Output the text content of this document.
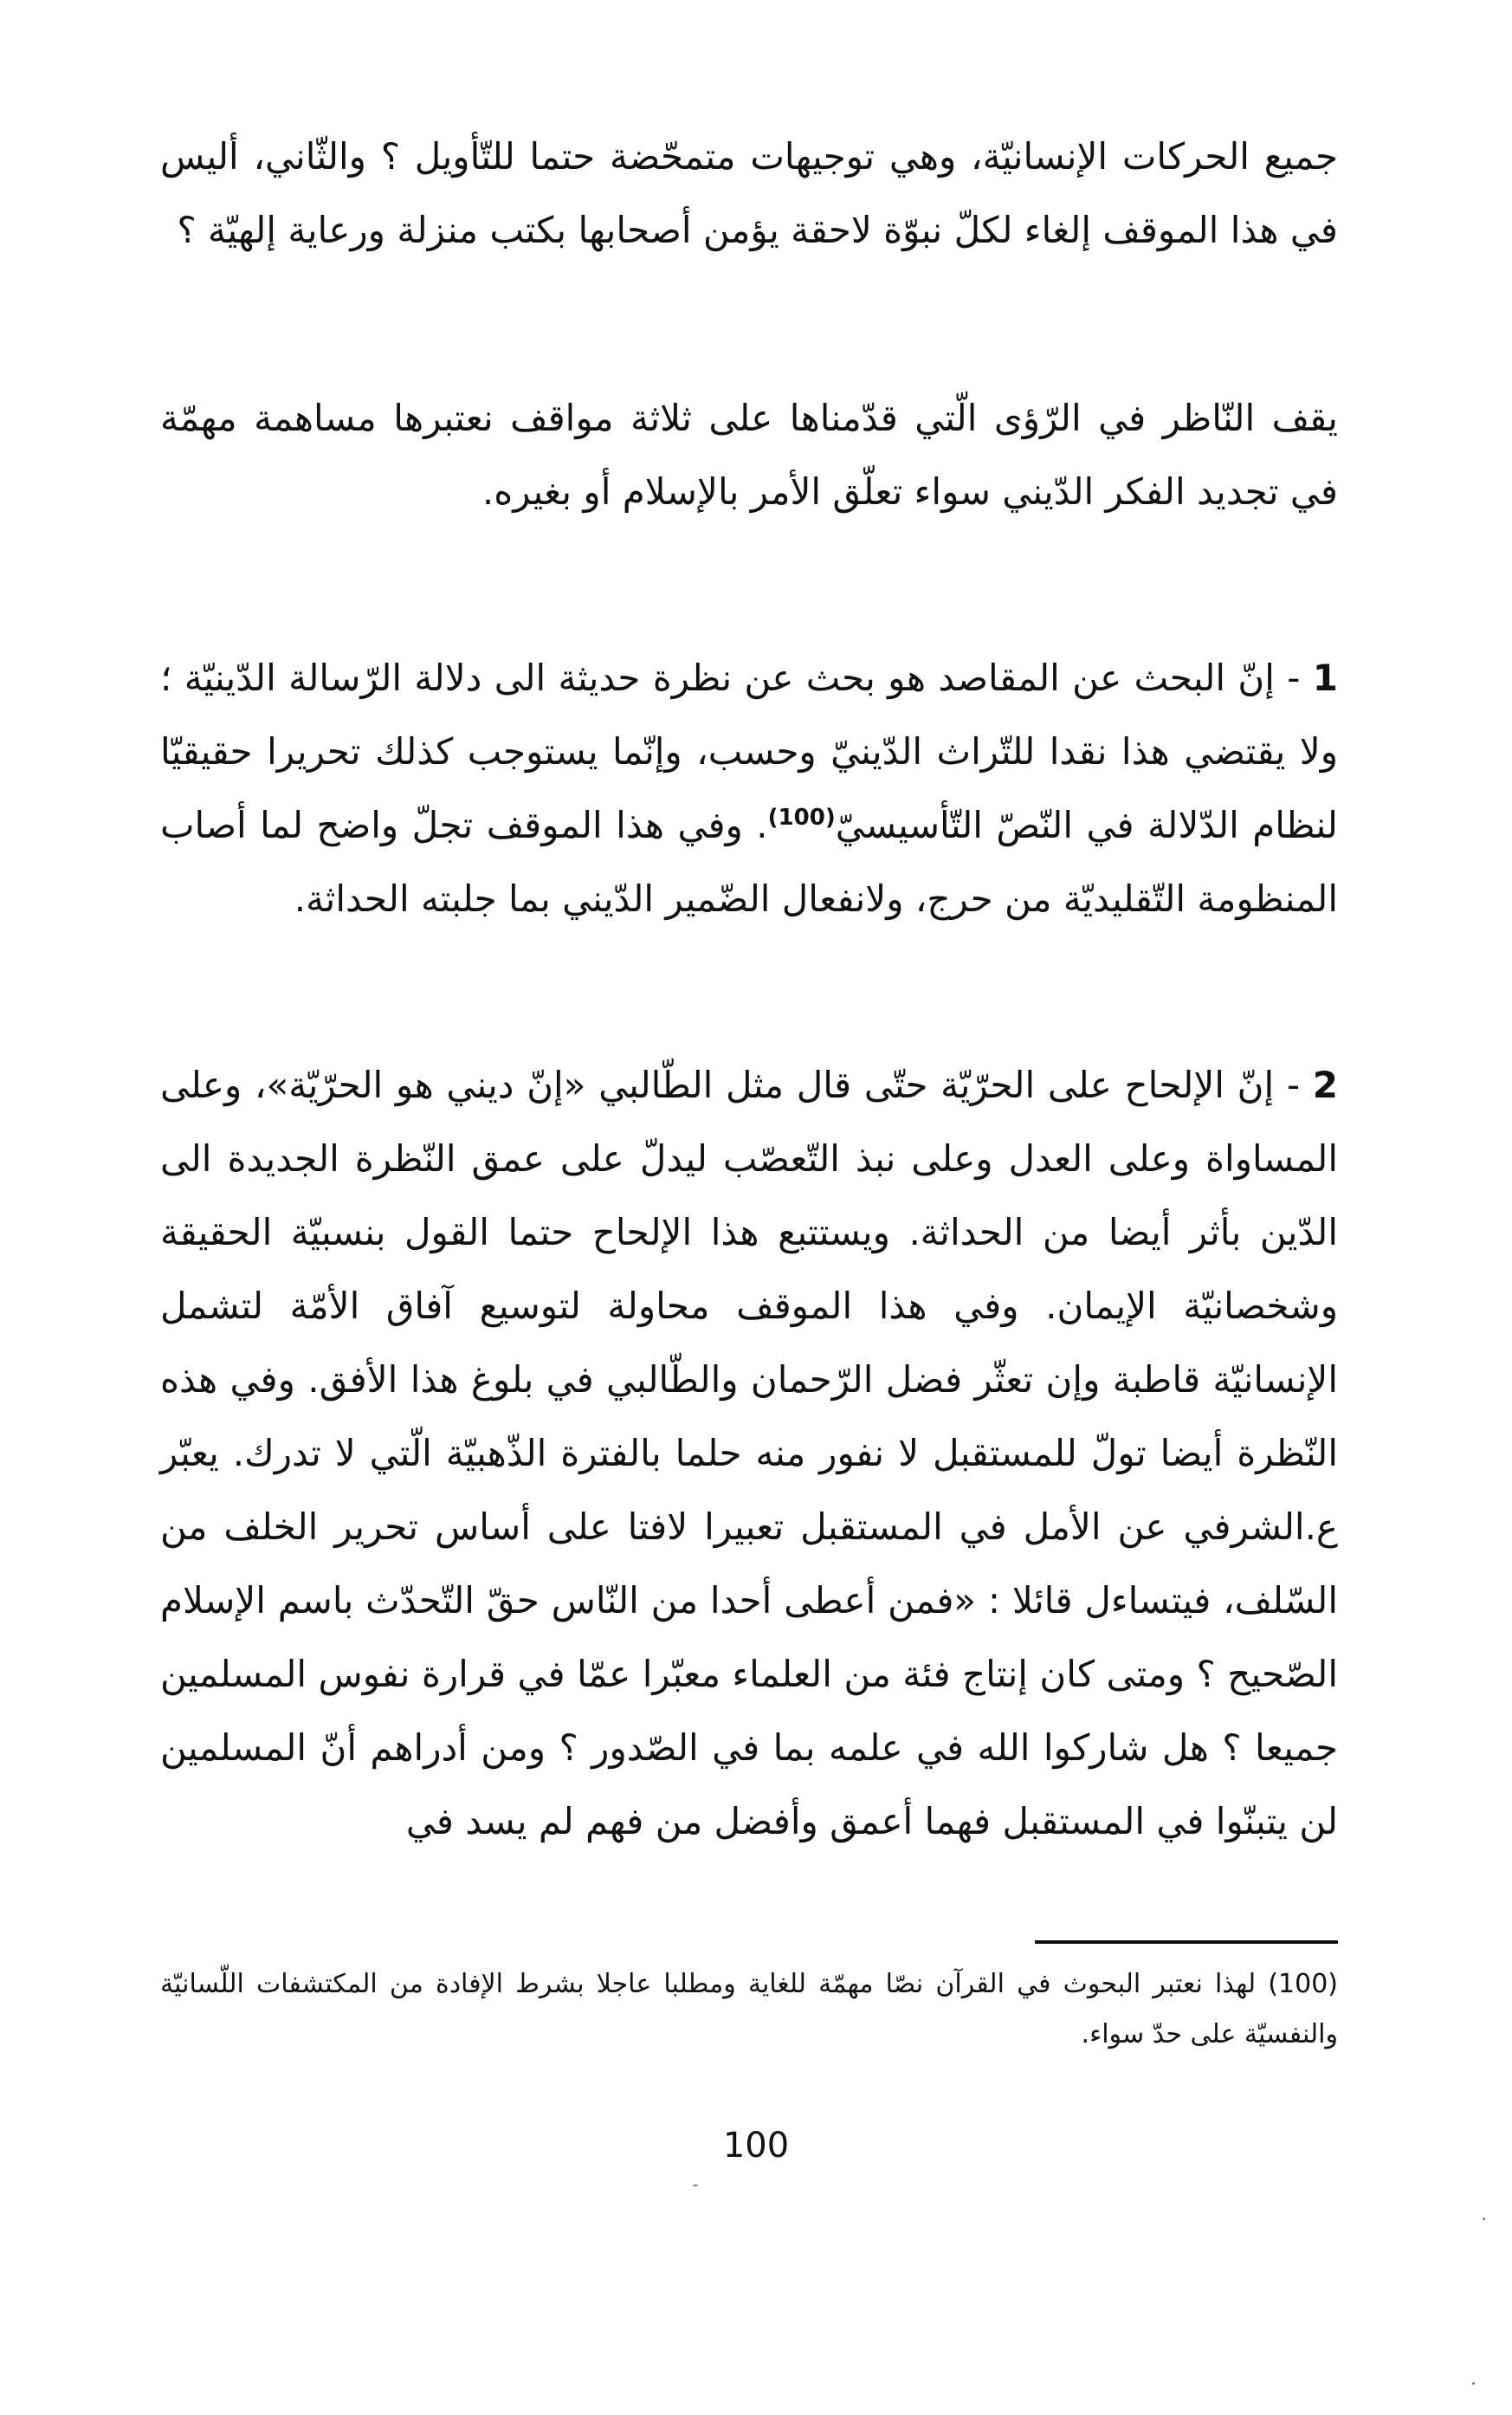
جميع الحركات الإنسانيّة، وهي توجيهات متمحّضة حتما للتّأويل ؟ والثّاني، أليس في هذا الموقف إلغاء لكلّ نبوّة لاحقة يؤمن أصحابها بكتب منزلة ورعاية إلهيّة ؟

يقف النّاظر في الرّؤى الّتي قدّمناها على ثلاثة مواقف نعتبرها مساهمة مهمّة في تجديد الفكر الدّيني سواء تعلّق الأمر بالإسلام أو بغيره.

1 - إنّ البحث عن المقاصد هو بحث عن نظرة حديثة الى دلالة الرّسالة الدّينيّة ؛ ولا يقتضي هذا نقدا للتّراث الدّينيّ وحسب، وإنّما يستوجب كذلك تحريرا حقيقيّا لنظام الدّلالة في النّصّ التّأسيسيّ$^{(100)}$. وفي هذا الموقف تجلّ واضح لما أصاب المنظومة التّقليديّة من حرج، ولانفعال الضّمير الدّيني بما جلبته الحداثة.

2 - إنّ الإلحاح على الحرّيّة حتّى قال مثل الطّالبي «إنّ ديني هو الحرّيّة»، وعلى المساواة وعلى العدل وعلى نبذ التّعصّب ليدلّ على عمق النّظرة الجديدة الى الدّين بأثر أيضا من الحداثة. ويستتبع هذا الإلحاح حتما القول بنسبيّة الحقيقة وشخصانيّة الإيمان. وفي هذا الموقف محاولة لتوسيع آفاق الأمّة لتشمل الإنسانيّة قاطبة وإن تعثّر فضل الرّحمان والطّالبي في بلوغ هذا الأفق. وفي هذه النّظرة أيضا تولّ للمستقبل لا نفور منه حلما بالفترة الذّهبيّة الّتي لا تدرك. يعبّر ع.الشرفي عن الأمل في المستقبل تعبيرا لافتا على أساس تحرير الخلف من السّلف، فيتساءل قائلا : «فمن أعطى أحدا من النّاس حقّ التّحدّث باسم الإسلام الصّحيح ؟ ومتى كان إنتاج فئة من العلماء معبّرا عمّا في قرارة نفوس المسلمين جميعا ؟ هل شاركوا الله في علمه بما في الصّدور ؟ ومن أدراهم أنّ المسلمين لن يتبنّوا في المستقبل فهما أعمق وأفضل من فهم لم يسد في

(100) لهذا نعتبر البحوث في القرآن نصّا مهمّة للغاية ومطلبا عاجلا بشرط الإفادة من المكتشفات اللّسانيّة والنفسيّة على حدّ سواء.

100
